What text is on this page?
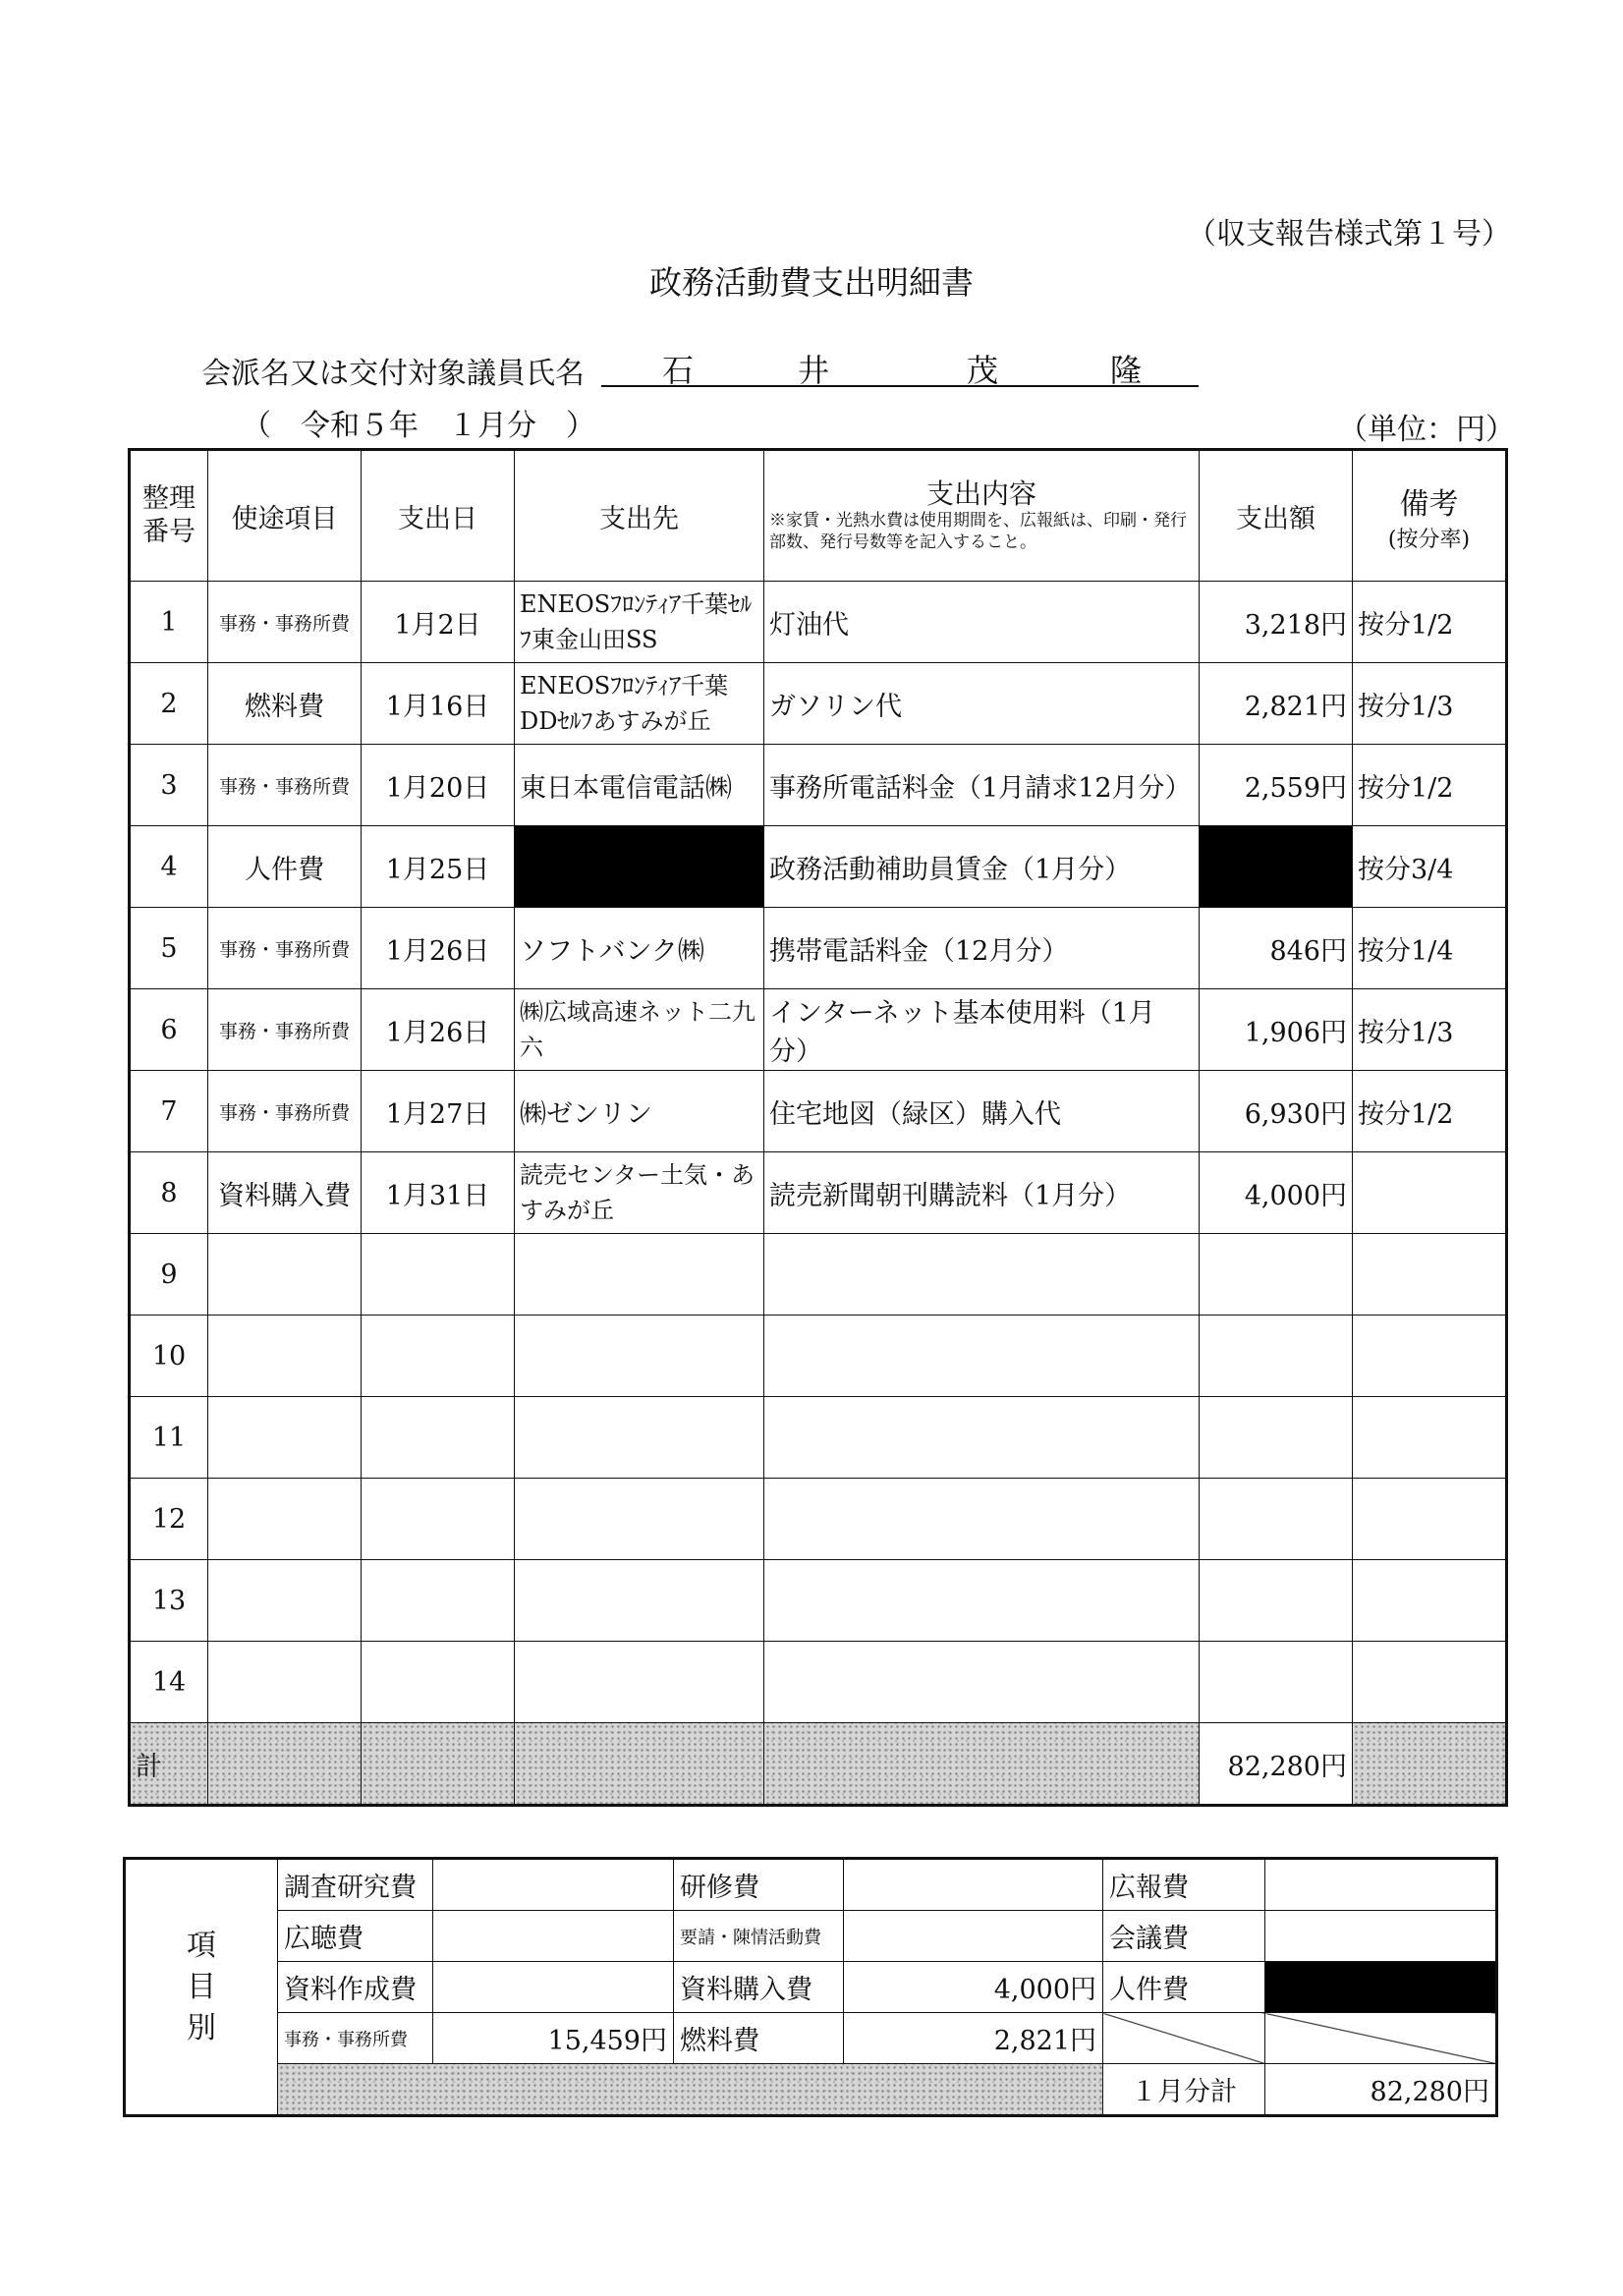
（収支報告様式第１号）
政務活動費支出明細書
会派名又は交付対象議員氏名 石	井	茂	隆
（　令和５年　１月分　）	（単位：円）
整理番号	使途項目	支出日	支出先	支出内容
※家賃・光熱水費は使用期間を、広報紙は、印刷・発行部数、発行号数等を記入すること。	支出額	備考
(按分率)

1	事務・事務所費	1月2日	ENEOSﾌﾛﾝﾃｨｱ千葉ｾﾙﾌ東金山田SS	灯油代	3,218円	按分1/2
2	燃料費	1月16日	ENEOSﾌﾛﾝﾃｨｱ千葉DDｾﾙﾌあすみが丘	ガソリン代	2,821円	按分1/3
3	事務・事務所費	1月20日	東日本電信電話㈱	事務所電話料金（1月請求12月分）	2,559円	按分1/2
4	人件費	1月25日		政務活動補助員賃金（1月分）		按分3/4
5	事務・事務所費	1月26日	ソフトバンク㈱	携帯電話料金（12月分）	846円	按分1/4
6	事務・事務所費	1月26日	㈱広域高速ネット二九六	インターネット基本使用料（1月分）	1,906円	按分1/3
7	事務・事務所費	1月27日	㈱ゼンリン	住宅地図（緑区）購入代	6,930円	按分1/2
8	資料購入費	1月31日	読売センター土気・あすみが丘	読売新聞朝刊購読料（1月分）	4,000円	
9						
10						
11						
12						
13						
14						
計					82,280円	
項
目
別	調査研究費		研修費		広報費	
	広聴費		要請・陳情活動費		会議費	
	資料作成費		資料購入費	4,000円	人件費	
	事務・事務所費	15,459円	燃料費	2,821円		
					１月分計	82,280円
